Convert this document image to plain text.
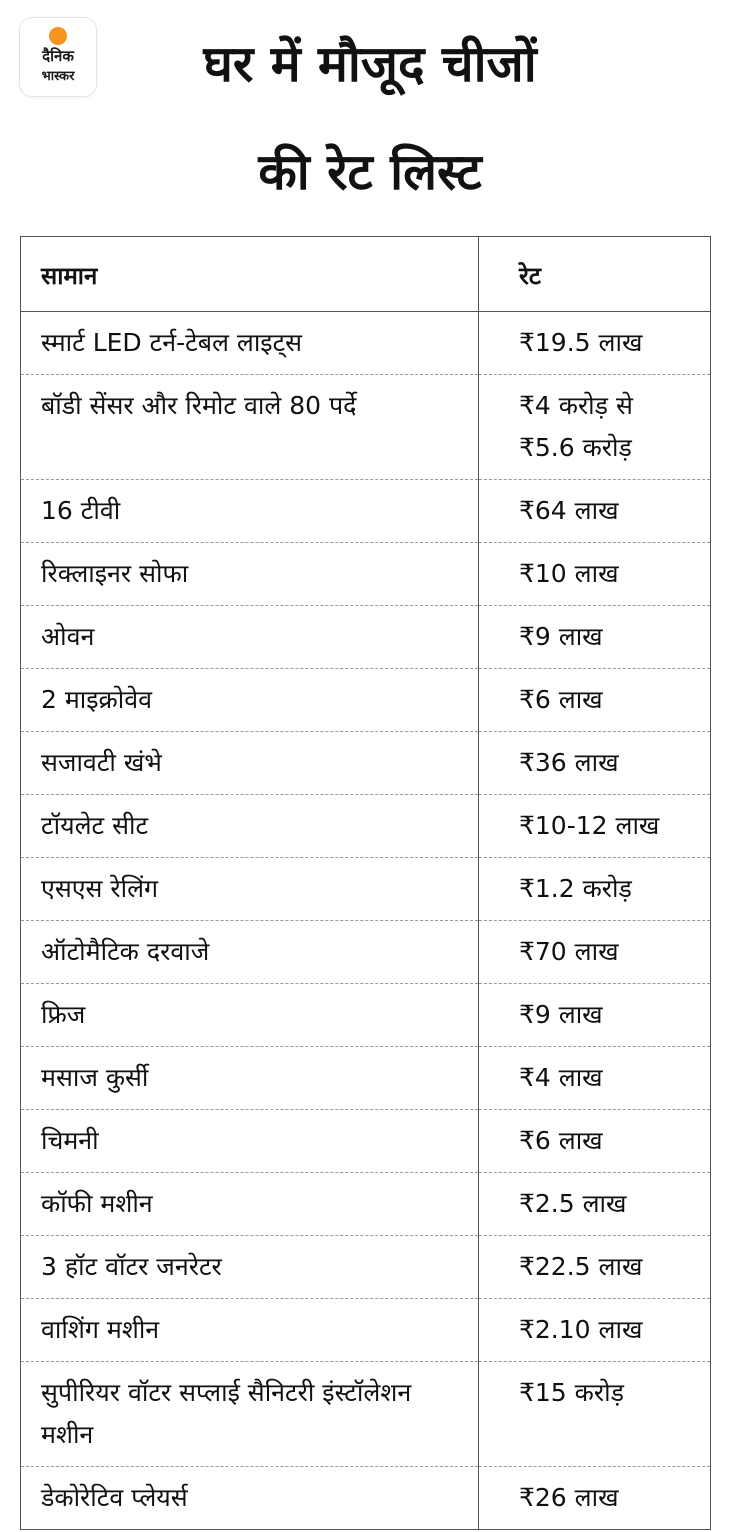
दैनिक
भास्कर	घर में मौजूद चीजों
की रेट लिस्ट
सामान	रेट
स्मार्ट LED टर्न-टेबल लाइट्स	₹19.5 लाख
बॉडी सेंसर और रिमोट वाले 80 पर्दे	₹4 करोड़ से ₹5.6 करोड़
16 टीवी	₹64 लाख
रिक्लाइनर सोफा	₹10 लाख
ओवन	₹9 लाख
2 माइक्रोवेव	₹6 लाख
सजावटी खंभे	₹36 लाख
टॉयलेट सीट	₹10-12 लाख
एसएस रेलिंग	₹1.2 करोड़
ऑटोमैटिक दरवाजे	₹70 लाख
फ्रिज	₹9 लाख
मसाज कुर्सी	₹4 लाख
चिमनी	₹6 लाख
कॉफी मशीन	₹2.5 लाख
3 हॉट वॉटर जनरेटर	₹22.5 लाख
वाशिंग मशीन	₹2.10 लाख
सुपीरियर वॉटर सप्लाई सैनिटरी इंस्टॉलेशन मशीन	₹15 करोड़
डेकोरेटिव प्लेयर्स	₹26 लाख
